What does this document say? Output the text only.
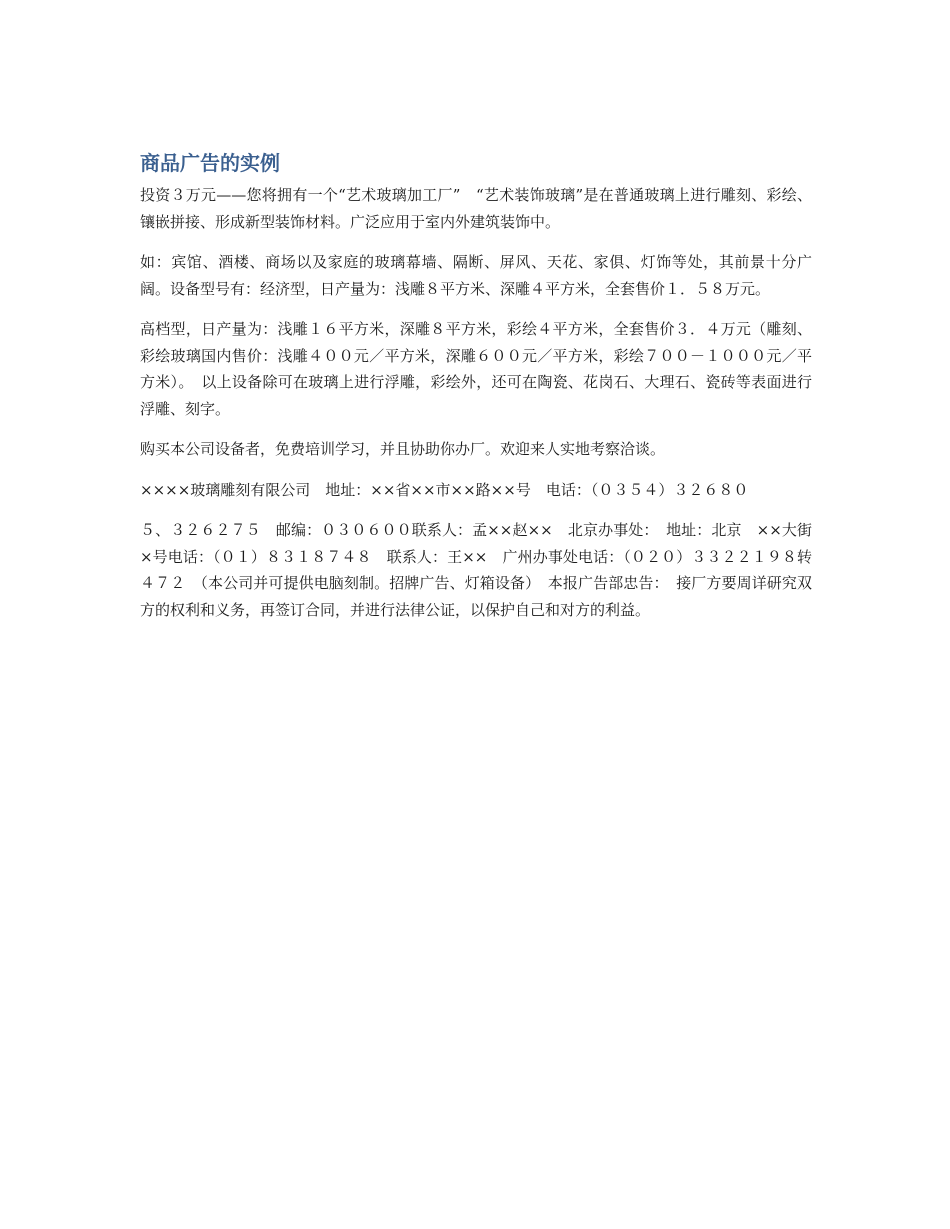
商品广告的实例

投资３万元——您将拥有一个“艺术玻璃加工厂”　“艺术装饰玻璃”是在普通玻璃上进行雕刻、彩绘、镶嵌拼接、形成新型装饰材料。广泛应用于室内外建筑装饰中。

如：宾馆、酒楼、商场以及家庭的玻璃幕墙、隔断、屏风、天花、家俱、灯饰等处，其前景十分广阔。设备型号有：经济型，日产量为：浅雕８平方米、深雕４平方米，全套售价１．５８万元。

高档型，日产量为：浅雕１６平方米，深雕８平方米，彩绘４平方米，全套售价３．４万元（雕刻、彩绘玻璃国内售价：浅雕４００元／平方米，深雕６００元／平方米，彩绘７００－１０００元／平方米）。　以上设备除可在玻璃上进行浮雕，彩绘外，还可在陶瓷、花岗石、大理石、瓷砖等表面进行浮雕、刻字。

购买本公司设备者，免费培训学习，并且协助你办厂。欢迎来人实地考察洽谈。

××××玻璃雕刻有限公司　地址：××省××市××路××号　电话：（０３５４）３２６８０

５、３２６２７５　邮编：０３０６００联系人：孟××赵××　北京办事处：　地址：北京　××大街×号电话：（０１）８３１８７４８　联系人：王××　广州办事处电话：（０２０）３３２２１９８转４７２　（本公司并可提供电脑刻制。招牌广告、灯箱设备）　本报广告部忠告：　接厂方要周详研究双方的权利和义务，再签订合同，并进行法律公证，以保护自己和对方的利益。
